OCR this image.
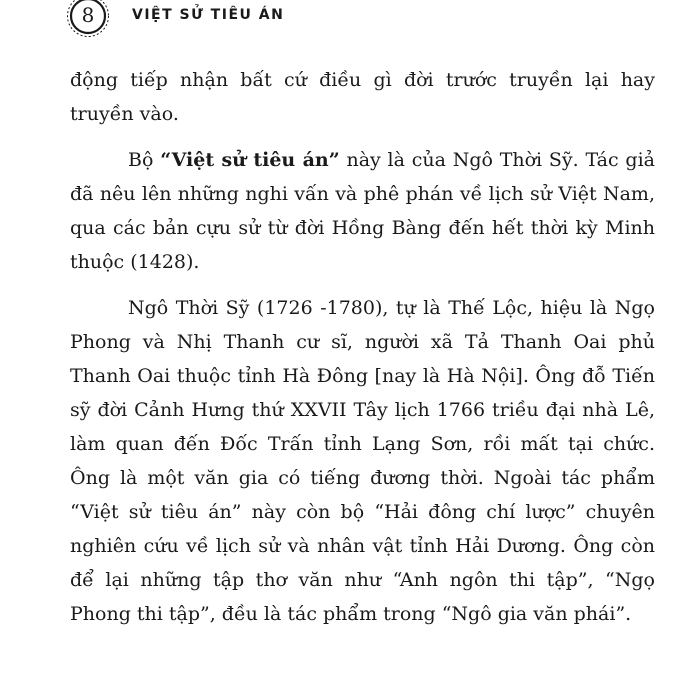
8	VIỆT SỬ TIÊU ÁN

động tiếp nhận bất cứ điều gì đời trước truyền lại hay truyền vào.

Bộ “Việt sử tiêu án” này là của Ngô Thời Sỹ. Tác giả đã nêu lên những nghi vấn và phê phán về lịch sử Việt Nam, qua các bản cựu sử từ đời Hồng Bàng đến hết thời kỳ Minh thuộc (1428).

Ngô Thời Sỹ (1726 -1780), tự là Thế Lộc, hiệu là Ngọ Phong và Nhị Thanh cư sĩ, người xã Tả Thanh Oai phủ Thanh Oai thuộc tỉnh Hà Đông [nay là Hà Nội]. Ông đỗ Tiến sỹ đời Cảnh Hưng thứ XXVII Tây lịch 1766 triều đại nhà Lê, làm quan đến Đốc Trấn tỉnh Lạng Sơn, rồi mất tại chức. Ông là một văn gia có tiếng đương thời. Ngoài tác phẩm “Việt sử tiêu án” này còn bộ “Hải đông chí lược” chuyên nghiên cứu về lịch sử và nhân vật tỉnh Hải Dương. Ông còn để lại những tập thơ văn như “Anh ngôn thi tập”, “Ngọ Phong thi tập”, đều là tác phẩm trong “Ngô gia văn phái”.
